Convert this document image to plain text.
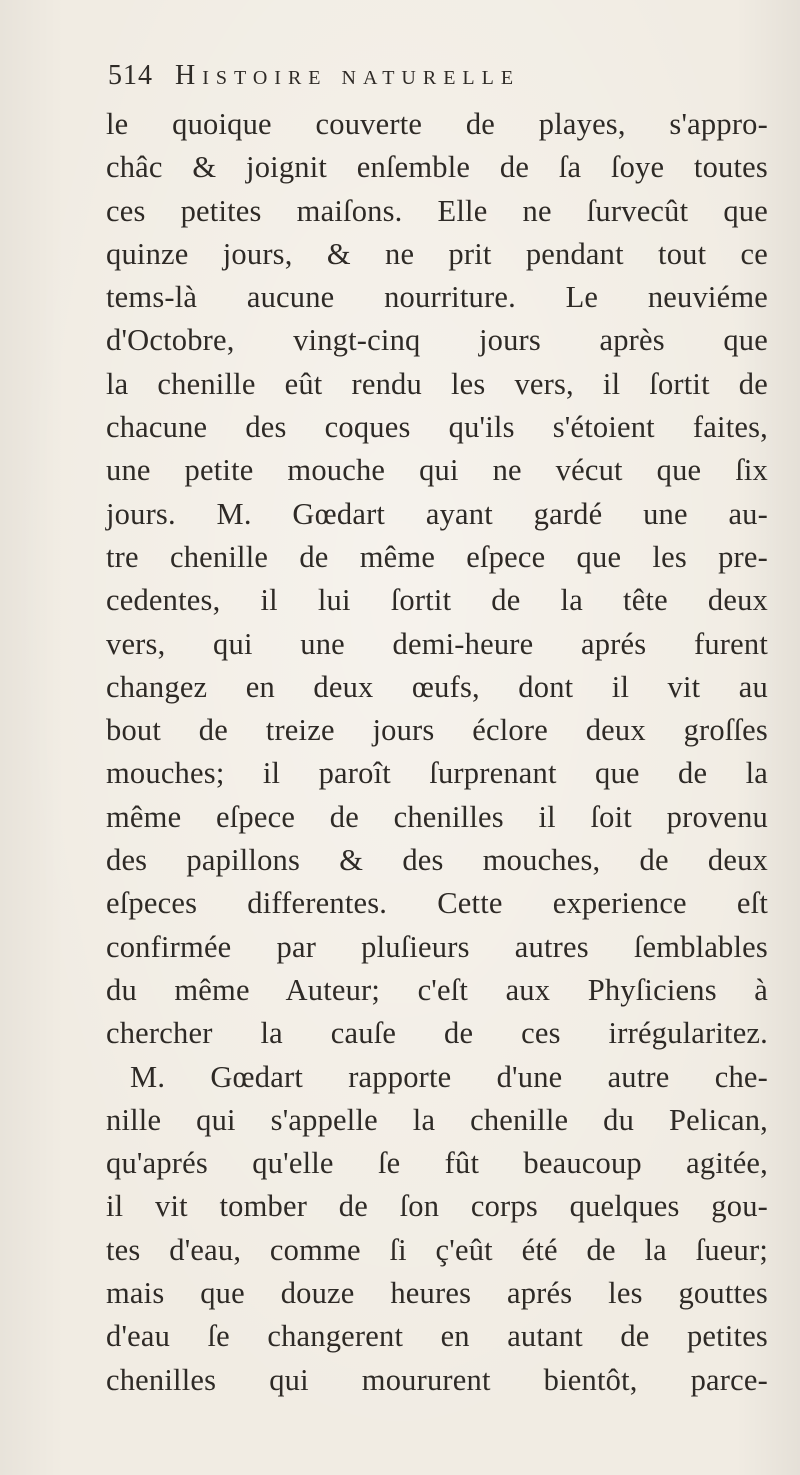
514 Histoire naturelle
le quoique couverte de playes, s'appro-
châc & joignit enſemble de ſa ſoye toutes
ces petites maiſons. Elle ne ſurvecût que
quinze jours, & ne prit pendant tout ce
tems-là aucune nourriture. Le neuviéme
d'Octobre, vingt-cinq jours après que
la chenille eût rendu les vers, il ſortit de
chacune des coques qu'ils s'étoient faites,
une petite mouche qui ne vécut que ſix
jours. M. Gœdart ayant gardé une au-
tre chenille de même eſpece que les pre-
cedentes, il lui ſortit de la tête deux
vers, qui une demi-heure aprés furent
changez en deux œufs, dont il vit au
bout de treize jours éclore deux groſſes
mouches; il paroît ſurprenant que de la
même eſpece de chenilles il ſoit provenu
des papillons & des mouches, de deux
eſpeces differentes. Cette experience eſt
confirmée par pluſieurs autres ſemblables
du même Auteur; c'eſt aux Phyſiciens à
chercher la cauſe de ces irrégularitez.
M. Gœdart rapporte d'une autre che-
nille qui s'appelle la chenille du Pelican,
qu'aprés qu'elle ſe fût beaucoup agitée,
il vit tomber de ſon corps quelques gou-
tes d'eau, comme ſi ç'eût été de la ſueur;
mais que douze heures aprés les gouttes
d'eau ſe changerent en autant de petites
chenilles qui moururent bientôt, parce-
